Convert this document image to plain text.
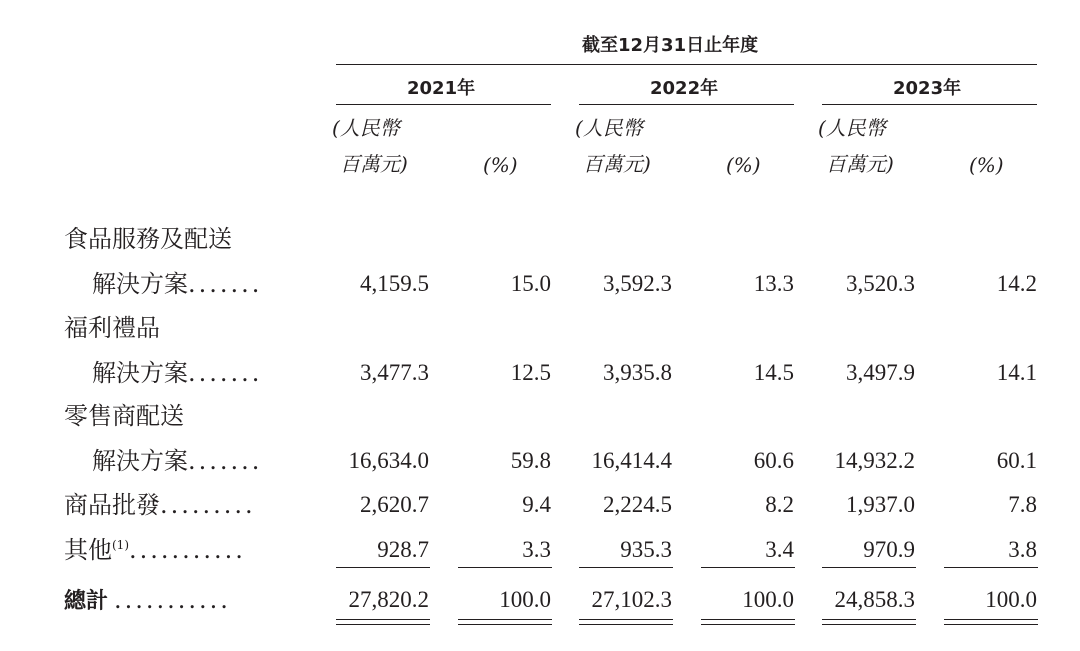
截至12月31日止年度
2021年	2022年	2023年
(人民幣
百萬元)	(%)
(人民幣
百萬元)	(%)
(人民幣
百萬元)	(%)
食品服務及配送
解決方案.......	4,159.5	15.0 3,592.3	13.3 3,520.3	14.2
福利禮品
解決方案.......	3,477.3	12.5 3,935.8	14.5 3,497.9	14.1
零售商配送
解決方案.......	16,634.0	59.8 16,414.4	60.6 14,932.2	60.1
商品批發.........	2,620.7	9.4 2,224.5	8.2 1,937.0	7.8
其他$^{(1)}$...........	928.7	3.3	935.3	3.4	970.9	3.8
總計 ...........	27,820.2	100.0 27,102.3	100.0 24,858.3	100.0
